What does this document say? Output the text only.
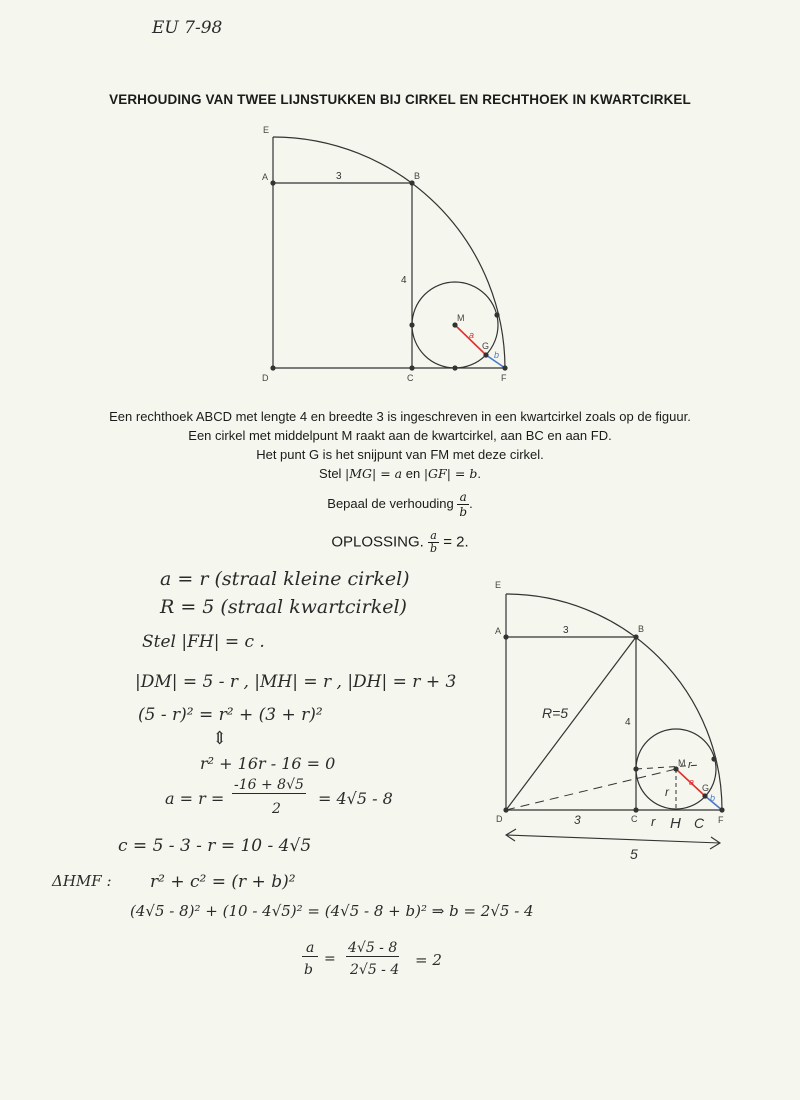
EU 7-98
VERHOUDING VAN TWEE LIJNSTUKKEN BIJ CIRKEL EN RECHTHOEK IN KWARTCIRKEL
E
A	B
D	C	F
M
G
a
b
3
4
Een rechthoek ABCD met lengte 4 en breedte 3 is ingeschreven in een kwartcirkel zoals op de figuur.
Een cirkel met middelpunt M raakt aan de kwartcirkel, aan BC en aan FD.
Het punt G is het snijpunt van FM met deze cirkel.
Stel |MG| = a en |GF| = b.
Bepaal de verhouding $\frac{a}{b}$ .
OPLOSSING. $\frac{a}{b} = 2$.
a = r (straal kleine cirkel)
R = 5 (straal kwartcirkel)
Stel |FH| = c .
|DM| = 5 - r , |MH| = r , |DH| = r + 3
(5 - r)² = r² + (3 + r)²
⇕
r² + 16r - 16 = 0
a = r =
-16 + 8√5
2
= 4√5 - 8
c = 5 - 3 - r = 10 - 4√5
ΔHMF : r² + c² = (r + b)²
(4√5 - 8)² + (10 - 4√5)² = (4√5 - 8 + b)² ⇒ b = 2√5 - 4
a
b
=
4√5 - 8
2√5 - 4
= 2
E
A	B
D	C	F
M
G
a
b
3
4
3
R=5
r
r
r
H C
5
